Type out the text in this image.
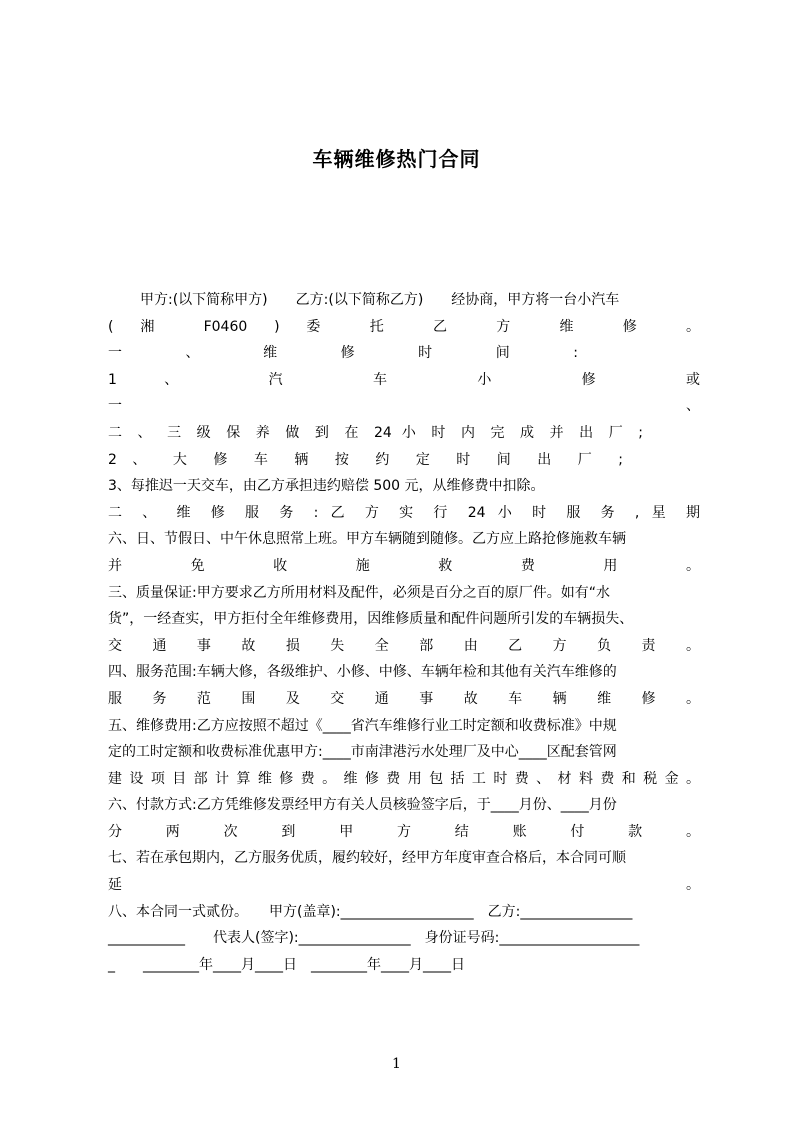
车辆维修热门合同
甲方:(以下简称甲方)　　乙方:(以下简称乙方)　　经协商，甲方将一台小汽车
( 湘 F0460 ) 委 托 乙 方 维 修 。
一 、 维 修 时 间 :
1 、 汽 车 小 修 或
一 、
二 、 三 级 保 养 做 到 在 24 小 时 内 完 成 并 出 厂 ;
2 、 大 修 车 辆 按 约 定 时 间 出 厂 ;
3、每推迟一天交车，由乙方承担违约赔偿 500 元，从维修费中扣除。
二 、 维 修 服 务 : 乙 方 实 行 24 小 时 服 务 , 星 期
六、日、节假日、中午休息照常上班。甲方车辆随到随修。乙方应上路抢修施救车辆
并 免 收 施 救 费 用 。
三、质量保证:甲方要求乙方所用材料及配件，必须是百分之百的原厂件。如有“水
货”，一经查实，甲方拒付全年维修费用，因维修质量和配件问题所引发的车辆损失、
交 通 事 故 损 失 全 部 由 乙 方 负 责 。
四、服务范围:车辆大修，各级维护、小修、中修、车辆年检和其他有关汽车维修的
服 务 范 围 及 交 通 事 故 车 辆 维 修 。
五、维修费用:乙方应按照不超过《____省汽车维修行业工时定额和收费标准》中规
定的工时定额和收费标准优惠甲方:____市南津港污水处理厂及中心____区配套管网
建设项目部计算维修费。维修费用包括工时费、材料费和税金。
六、付款方式:乙方凭维修发票经甲方有关人员核验签字后，于____月份、____月份
分 两 次 到 甲 方 结 账 付 款 。
七、若在承包期内，乙方服务优质，履约较好，经甲方年度审查合格后，本合同可顺
延 。
八、本合同一式贰份。　　甲方(盖章):___________________　乙方:________________
___________　　代表人(签字):________________　身份证号码:____________________
_　　________年____月____日　________年____月____日
1
